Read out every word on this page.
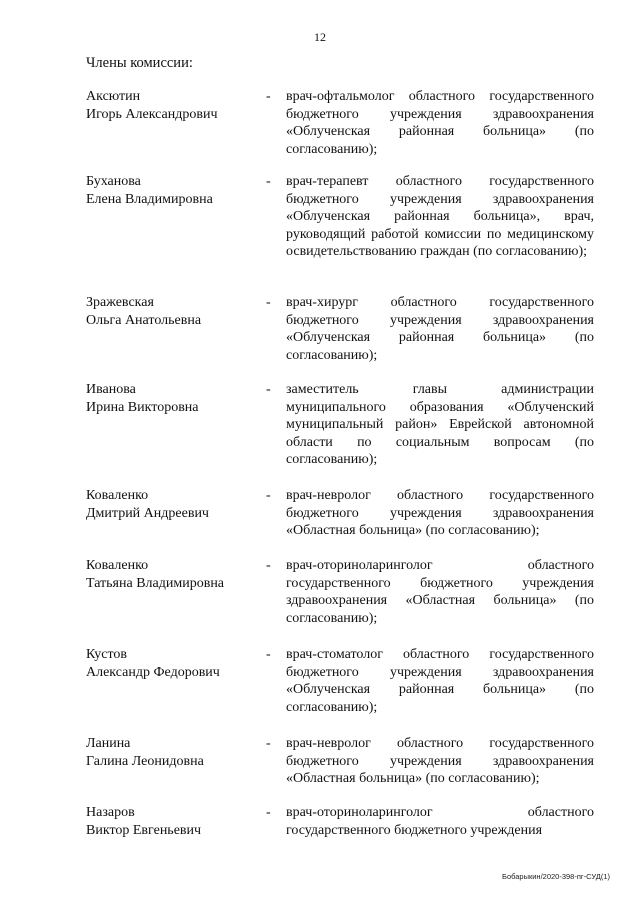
12
Члены комиссии:
Аксютин
Игорь Александрович
- врач-офтальмолог областного государственного бюджетного учреждения здравоохранения «Облученская районная больница» (по согласованию);
Буханова
Елена Владимировна
- врач-терапевт областного государственного бюджетного учреждения здравоохранения «Облученская районная больница», врач, руководящий работой комиссии по медицинскому освидетельствованию граждан (по согласованию);
Зражевская
Ольга Анатольевна
- врач-хирург областного государственного бюджетного учреждения здравоохранения «Облученская районная больница» (по согласованию);
Иванова
Ирина Викторовна
- заместитель главы администрации муниципального образования «Облученский муниципальный район» Еврейской автономной области по социальным вопросам (по согласованию);
Коваленко
Дмитрий Андреевич
- врач-невролог областного государственного бюджетного учреждения здравоохранения «Областная больница» (по согласованию);
Коваленко
Татьяна Владимировна
- врач-оториноларинголог областного государственного бюджетного учреждения здравоохранения «Областная больница» (по согласованию);
Кустов
Александр Федорович
- врач-стоматолог областного государственного бюджетного учреждения здравоохранения «Облученская районная больница» (по согласованию);
Ланина
Галина Леонидовна
- врач-невролог областного государственного бюджетного учреждения здравоохранения «Областная больница» (по согласованию);
Назаров
Виктор Евгеньевич
- врач-оториноларинголог областного государственного бюджетного учреждения
Бобарыкин/2020-398-пг-СУД(1)
